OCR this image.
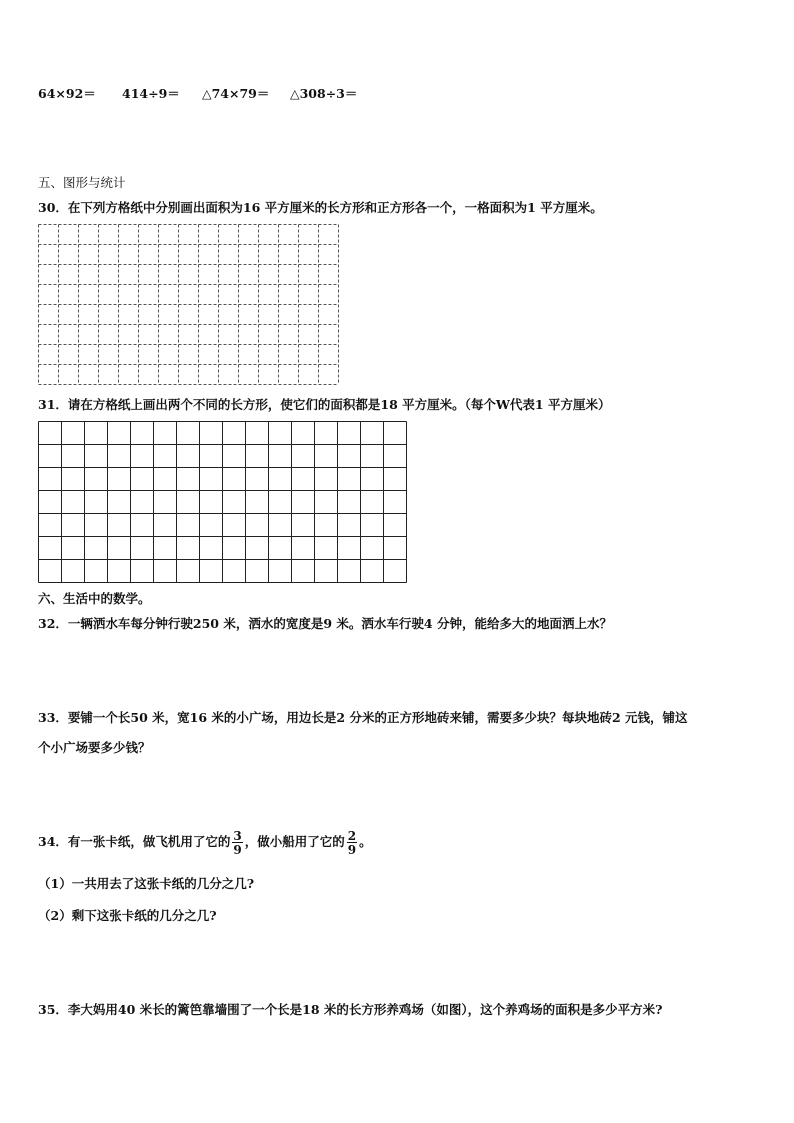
64×92＝ 414÷9＝ △74×79＝ △308÷3＝
五、图形与统计
30．在下列方格纸中分别画出面积为16 平方厘米的长方形和正方形各一个，一格面积为1 平方厘米。
31．请在方格纸上画出两个不同的长方形，使它们的面积都是18 平方厘米。（每个W代表1 平方厘米）
六、生活中的数学。
32．一辆洒水车每分钟行驶250 米，洒水的宽度是9 米。洒水车行驶4 分钟，能给多大的地面洒上水？
33．要铺一个长50 米，宽16 米的小广场，用边长是2 分米的正方形地砖来铺，需要多少块？每块地砖2 元钱，铺这
个小广场要多少钱？
34．有一张卡纸，做飞机用了它的 $\frac{3}{9}$ ，做小船用了它的 $\frac{2}{9}$ 。
（1）一共用去了这张卡纸的几分之几?
（2）剩下这张卡纸的几分之几?
35．李大妈用40 米长的篱笆靠墙围了一个长是18 米的长方形养鸡场（如图），这个养鸡场的面积是多少平方米?
